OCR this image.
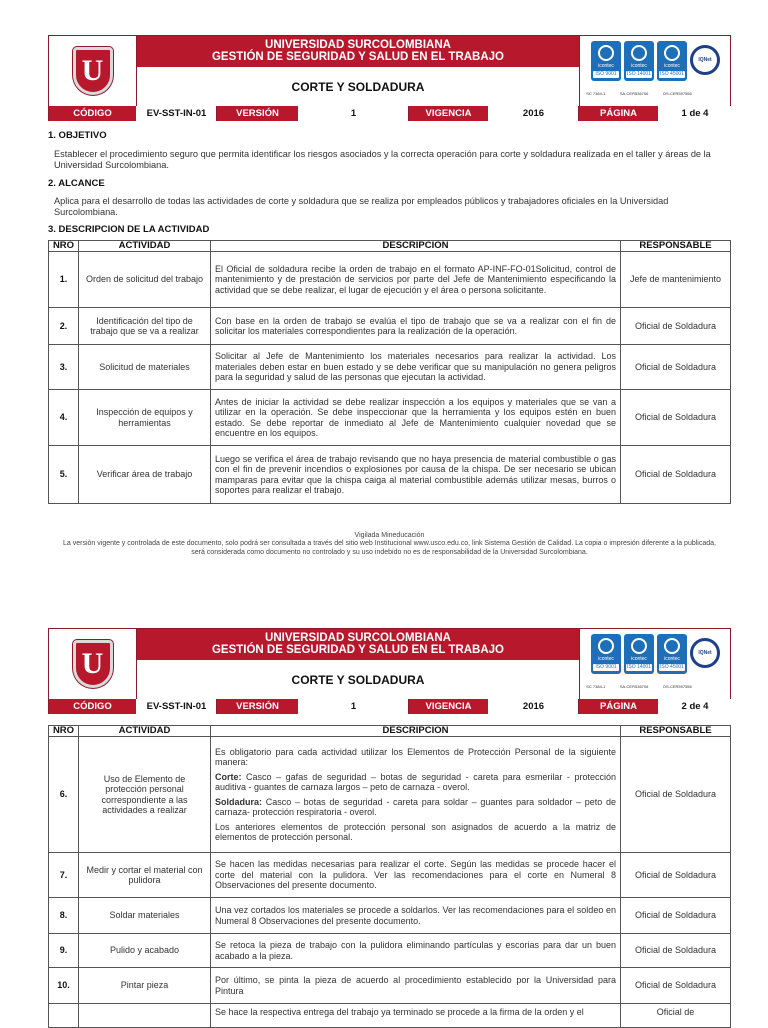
U
UNIVERSIDAD SURCOLOMBIANA
GESTIÓN DE SEGURIDAD Y SALUD EN EL TRABAJO
CORTE Y SOLDADURA
icontec
ISO 9001
icontec
ISO 14001
icontec
ISO 45001
IQNet
SC 7384-1	SA-CER536706	OS-CER597556
CÓDIGO	EV-SST-IN-01	VERSIÓN	1	VIGENCIA	2016	PÁGINA	1 de 4
1. OBJETIVO
Establecer el procedimiento seguro que permita identificar los riesgos asociados y la correcta operación para corte y soldadura realizada en el taller y áreas de la Universidad Surcolombiana.
2. ALCANCE
Aplica para el desarrollo de todas las actividades de corte y soldadura que se realiza por empleados públicos y trabajadores oficiales en la Universidad Surcolombiana.
3. DESCRIPCION DE LA ACTIVIDAD
NRO	ACTIVIDAD	DESCRIPCION	RESPONSABLE
1.	Orden de solicitud del trabajo	El Oficial de soldadura recibe la orden de trabajo en el formato AP-INF-FO-01Solicitud, control de mantenimiento y de prestación de servicios por parte del Jefe de Mantenimiento especificando la actividad que se debe realizar, el lugar de ejecución y el área o persona solicitante.	Jefe de mantenimiento
2.	Identificación del tipo de trabajo que se va a realizar	Con base en la orden de trabajo se evalúa el tipo de trabajo que se va a realizar con el fin de solicitar los materiales correspondientes para la realización de la operación.	Oficial de Soldadura
3.	Solicitud de materiales	Solicitar al Jefe de Mantenimiento los materiales necesarios para realizar la actividad. Los materiales deben estar en buen estado y se debe verificar que su manipulación no genera peligros para la seguridad y salud de las personas que ejecutan la actividad.	Oficial de Soldadura
4.	Inspección de equipos y herramientas	Antes de iniciar la actividad se debe realizar inspección a los equipos y materiales que se van a utilizar en la operación. Se debe inspeccionar que la herramienta y los equipos estén en buen estado. Se debe reportar de inmediato al Jefe de Mantenimiento cualquier novedad que se encuentre en los equipos.	Oficial de Soldadura
5.	Verificar área de trabajo	Luego se verifica el área de trabajo revisando que no haya presencia de material combustible o gas con el fin de prevenir incendios o explosiones por causa de la chispa. De ser necesario se ubican mamparas para evitar que la chispa caiga al material combustible además utilizar mesas, burros o soportes para realizar el trabajo.	Oficial de Soldadura
Vigilada Mineducación
La versión vigente y controlada de este documento, solo podrá ser consultada a través del sitio web Institucional www.usco.edu.co, link Sistema Gestión de Calidad. La copia o impresión diferente a la publicada, será considerada como documento no controlado y su uso indebido no es de responsabilidad de la Universidad Surcolombiana.
U
UNIVERSIDAD SURCOLOMBIANA
GESTIÓN DE SEGURIDAD Y SALUD EN EL TRABAJO
CORTE Y SOLDADURA
icontec
ISO 9001
icontec
ISO 14001
icontec
ISO 45001
IQNet
SC 7384-1	SA-CER536706	OS-CER597556
CÓDIGO	EV-SST-IN-01	VERSIÓN	1	VIGENCIA	2016	PÁGINA	2 de 4
NRO	ACTIVIDAD	DESCRIPCION	RESPONSABLE
6.	Uso de Elemento de protección personal correspondiente a las actividades a realizar	Es obligatorio para cada actividad utilizar los Elementos de Protección Personal de la siguiente manera:

Corte: Casco – gafas de seguridad – botas de seguridad - careta para esmerilar - protección auditiva - guantes de carnaza largos – peto de carnaza - overol.

Soldadura: Casco – botas de seguridad - careta para soldar – guantes para soldador – peto de carnaza- protección respiratoria - overol.

Los anteriores elementos de protección personal son asignados de acuerdo a la matriz de elementos de protección personal.	Oficial de Soldadura
7.	Medir y cortar el material con pulidora	Se hacen las medidas necesarias para realizar el corte. Según las medidas se procede hacer el corte del material con la pulidora. Ver las recomendaciones para el corte en Numeral 8 Observaciones del presente documento.	Oficial de Soldadura
8.	Soldar materiales	Una vez cortados los materiales se procede a soldarlos. Ver las recomendaciones para el soldeo en Numeral 8 Observaciones del presente documento.	Oficial de Soldadura
9.	Pulido y acabado	Se retoca la pieza de trabajo con la pulidora eliminando partículas y escorias para dar un buen acabado a la pieza.	Oficial de Soldadura
10.	Pintar pieza	Por último, se pinta la pieza de acuerdo al procedimiento establecido por la Universidad para Pintura	Oficial de Soldadura
		Se hace la respectiva entrega del trabajo ya terminado se procede a la firma de la orden y el	Oficial de
